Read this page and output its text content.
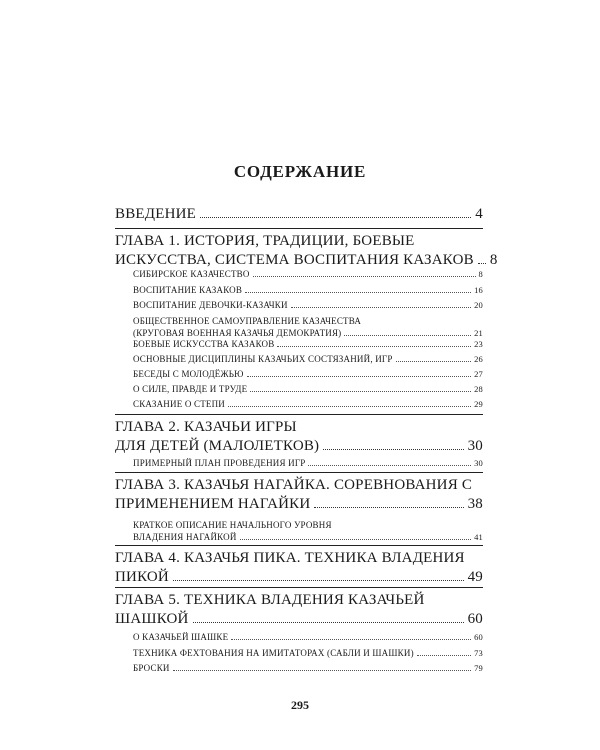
СОДЕРЖАНИЕ
ВВЕДЕНИЕ	4
ГЛАВА 1. ИСТОРИЯ, ТРАДИЦИИ, БОЕВЫЕ
ИСКУССТВА, СИСТЕМА ВОСПИТАНИЯ КАЗАКОВ 8
СИБИРСКОЕ КАЗАЧЕСТВО	8
ВОСПИТАНИЕ КАЗАКОВ	16
ВОСПИТАНИЕ ДЕВОЧКИ-КАЗАЧКИ	20
ОБЩЕСТВЕННОЕ САМОУПРАВЛЕНИЕ КАЗАЧЕСТВА
(КРУГОВАЯ ВОЕННАЯ КАЗАЧЬЯ ДЕМОКРАТИЯ)	21
БОЕВЫЕ ИСКУССТВА КАЗАКОВ	23
ОСНОВНЫЕ ДИСЦИПЛИНЫ КАЗАЧЬИХ СОСТЯЗАНИЙ, ИГР	26
БЕСЕДЫ С МОЛОДЁЖЬЮ	27
О СИЛЕ, ПРАВДЕ И ТРУДЕ	28
СКАЗАНИЕ О СТЕПИ	29
ГЛАВА 2. КАЗАЧЬИ ИГРЫ
ДЛЯ ДЕТЕЙ (МАЛОЛЕТКОВ)	30
ПРИМЕРНЫЙ ПЛАН ПРОВЕДЕНИЯ ИГР	30
ГЛАВА 3. КАЗАЧЬЯ НАГАЙКА. СОРЕВНОВАНИЯ С
ПРИМЕНЕНИЕМ НАГАЙКИ	38
КРАТКОЕ ОПИСАНИЕ НАЧАЛЬНОГО УРОВНЯ
ВЛАДЕНИЯ НАГАЙКОЙ	41
ГЛАВА 4. КАЗАЧЬЯ ПИКА. ТЕХНИКА ВЛАДЕНИЯ
ПИКОЙ	49
ГЛАВА 5. ТЕХНИКА ВЛАДЕНИЯ КАЗАЧЬЕЙ
ШАШКОЙ	60
О КАЗАЧЬЕЙ ШАШКЕ	60
ТЕХНИКА ФЕХТОВАНИЯ НА ИМИТАТОРАХ (САБЛИ И ШАШКИ)	73
БРОСКИ	79
295
